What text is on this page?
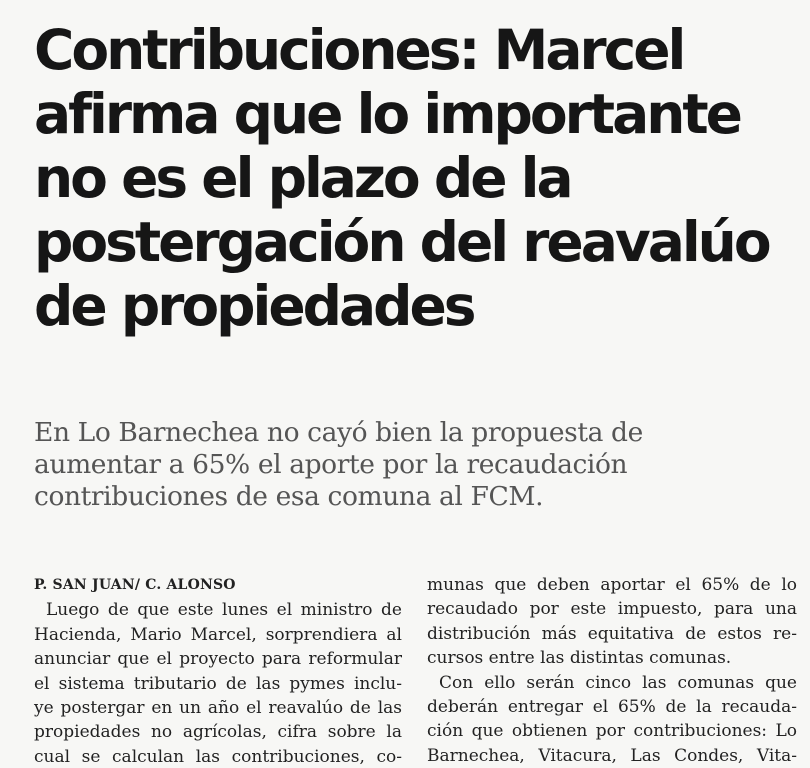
Contribuciones: Marcel
afirma que lo importante
no es el plazo de la
postergación del reavalúo
de propiedades
En Lo Barnechea no cayó bien la propuesta de
aumentar a 65% el aporte por la recaudación
contribuciones de esa comuna al FCM.
P. SAN JUAN/ C. ALONSO
Luego de que este lunes el ministro de
Hacienda, Mario Marcel, sorprendiera al
anunciar que el proyecto para reformular
el sistema tributario de las pymes inclu-
ye postergar en un año el reavalúo de las
propiedades no agrícolas, cifra sobre la
cual se calculan las contribuciones, co-
munas que deben aportar el 65% de lo
recaudado por este impuesto, para una
distribución más equitativa de estos re-
cursos entre las distintas comunas.
Con ello serán cinco las comunas que
deberán entregar el 65% de la recauda-
ción que obtienen por contribuciones: Lo
Barnechea, Vitacura, Las Condes, Vita-
